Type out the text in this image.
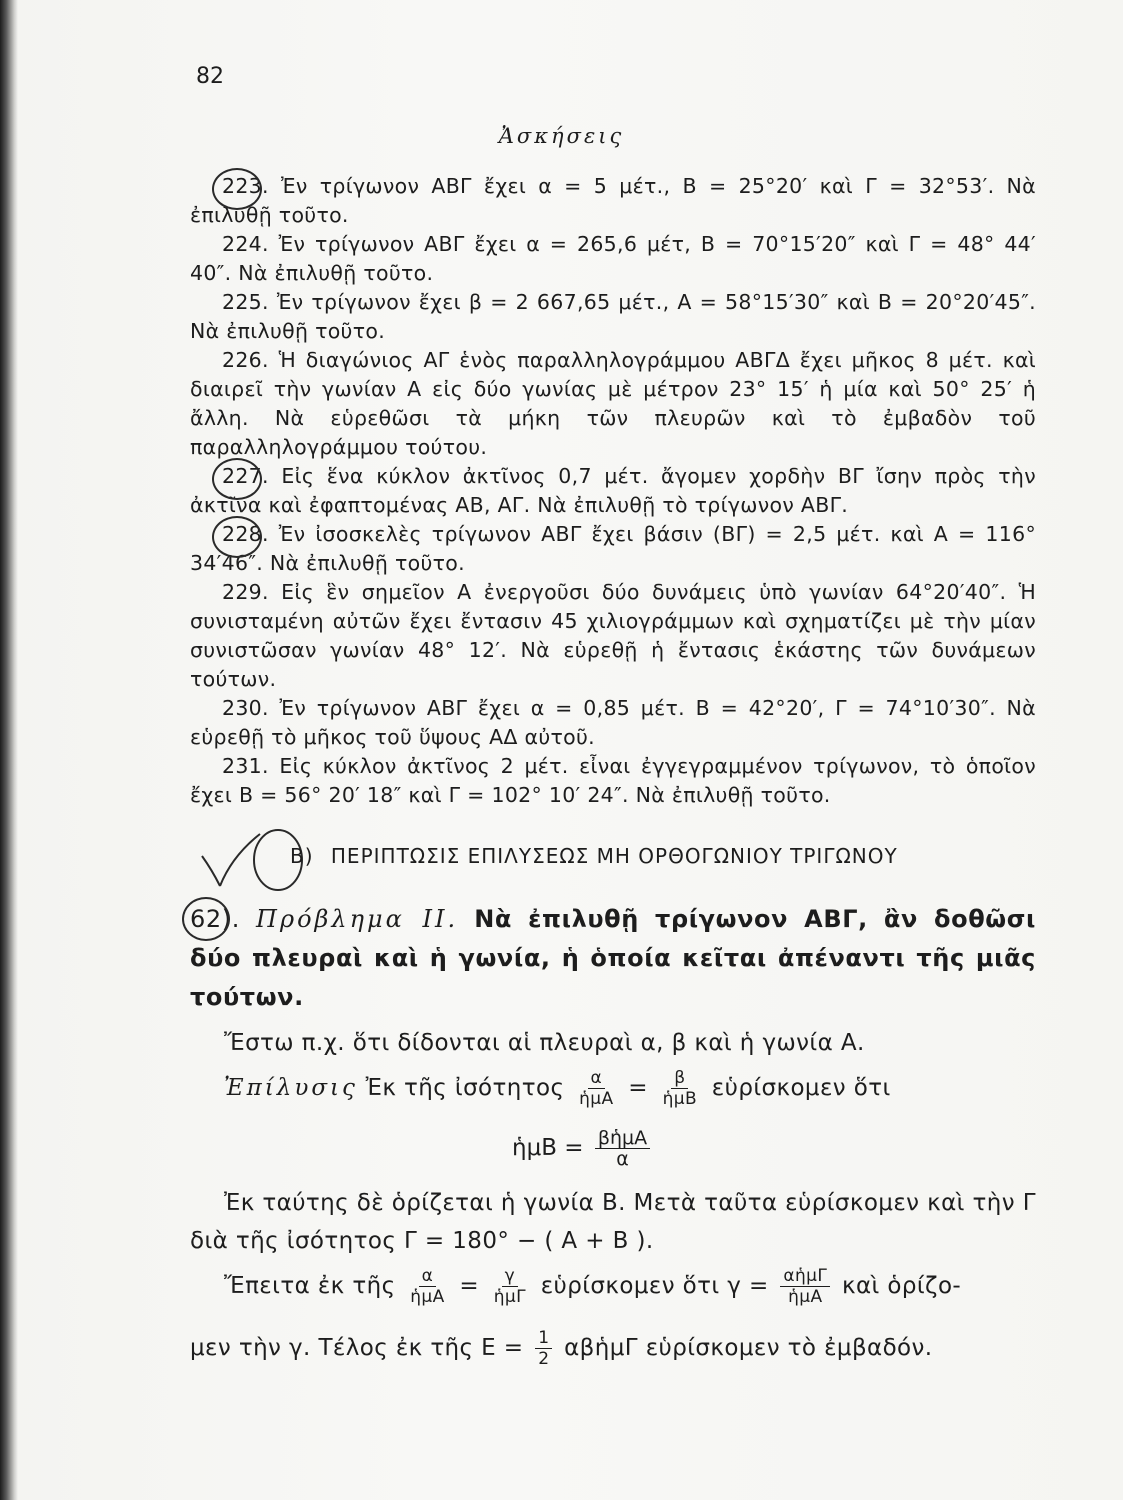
82
Ἀσκήσεις

223. Ἐν τρίγωνον ΑΒΓ ἔχει α = 5 μέτ., Β = 25°20′ καὶ Γ = 32°53′. Νὰ ἐπιλυθῇ τοῦτο.

224. Ἐν τρίγωνον ΑΒΓ ἔχει α = 265,6 μέτ, Β = 70°15′20″ καὶ Γ = 48° 44′ 40″. Νὰ ἐπιλυθῇ τοῦτο.

225. Ἐν τρίγωνον ἔχει β = 2 667,65 μέτ., Α = 58°15′30″ καὶ Β = 20°20′45″. Νὰ ἐπιλυθῇ τοῦτο.

226. Ἡ διαγώνιος ΑΓ ἑνὸς παραλληλογράμμου ΑΒΓΔ ἔχει μῆκος 8 μέτ. καὶ διαιρεῖ τὴν γωνίαν Α εἰς δύο γωνίας μὲ μέτρον 23° 15′ ἡ μία καὶ 50° 25′ ἡ ἄλλη. Νὰ εὑρεθῶσι τὰ μήκη τῶν πλευρῶν καὶ τὸ ἐμβαδὸν τοῦ παραλληλογράμμου τούτου.

227. Εἰς ἕνα κύκλον ἀκτῖνος 0,7 μέτ. ἄγομεν χορδὴν ΒΓ ἴσην πρὸς τὴν ἀκτῖνα καὶ ἐφαπτομένας ΑΒ, ΑΓ. Νὰ ἐπιλυθῇ τὸ τρίγωνον ΑΒΓ.

228. Ἐν ἰσοσκελὲς τρίγωνον ΑΒΓ ἔχει βάσιν (ΒΓ) = 2,5 μέτ. καὶ Α = 116° 34′46″. Νὰ ἐπιλυθῇ τοῦτο.

229. Εἰς ἓν σημεῖον Α ἐνεργοῦσι δύο δυνάμεις ὑπὸ γωνίαν 64°20′40″. Ἡ συνισταμένη αὐτῶν ἔχει ἔντασιν 45 χιλιογράμμων καὶ σχηματίζει μὲ τὴν μίαν συνιστῶσαν γωνίαν 48° 12′. Νὰ εὑρεθῇ ἡ ἔντασις ἑκάστης τῶν δυνάμεων τούτων.

230. Ἐν τρίγωνον ΑΒΓ ἔχει α = 0,85 μέτ. Β = 42°20′, Γ = 74°10′30″. Νὰ εὑρεθῇ τὸ μῆκος τοῦ ὕψους ΑΔ αὐτοῦ.

231. Εἰς κύκλον ἀκτῖνος 2 μέτ. εἶναι ἐγγεγραμμένον τρίγωνον, τὸ ὁποῖον ἔχει Β = 56° 20′ 18″ καὶ Γ = 102° 10′ 24″. Νὰ ἐπιλυθῇ τοῦτο.

Β) ΠΕΡΙΠΤΩΣΙΣ ΕΠΙΛΥΣΕΩΣ ΜΗ ΟΡΘΟΓΩΝΙΟΥ ΤΡΙΓΩΝΟΥ
62). Πρόβλημα ΙΙ. Νὰ ἐπιλυθῇ τρίγωνον ΑΒΓ, ἂν δοθῶσι δύο πλευραὶ καὶ ἡ γωνία, ἡ ὁποία κεῖται ἀπέναντι τῆς μιᾶς τούτων.
Ἔστω π.χ. ὅτι δίδονται αἱ πλευραὶ α, β καὶ ἡ γωνία Α.
Ἐπίλυσις Ἐκ τῆς ἰσότητος $\frac{\alpha}{\text{ἡμΑ}} = \frac{\beta}{\text{ἡμΒ}}$ εὑρίσκομεν ὅτι
ἡμΒ = $\frac{\text{βἡμΑ}}{\alpha}$
Ἐκ ταύτης δὲ ὁρίζεται ἡ γωνία Β. Μετὰ ταῦτα εὑρίσκομεν καὶ τὴν Γ διὰ τῆς ἰσότητος Γ = 180° − ( Α + Β ).
Ἔπειτα ἐκ τῆς $\frac{\alpha}{\text{ἡμΑ}} = \frac{\gamma}{\text{ἡμΓ}}$ εὑρίσκομεν ὅτι $\gamma = \frac{\text{αἡμΓ}}{\text{ἡμΑ}}$ καὶ ὁρίζο-
μεν τὴν γ. Τέλος ἐκ τῆς $E = \frac{1}{2}$ αβἡμΓ εὑρίσκομεν τὸ ἐμβαδόν.
